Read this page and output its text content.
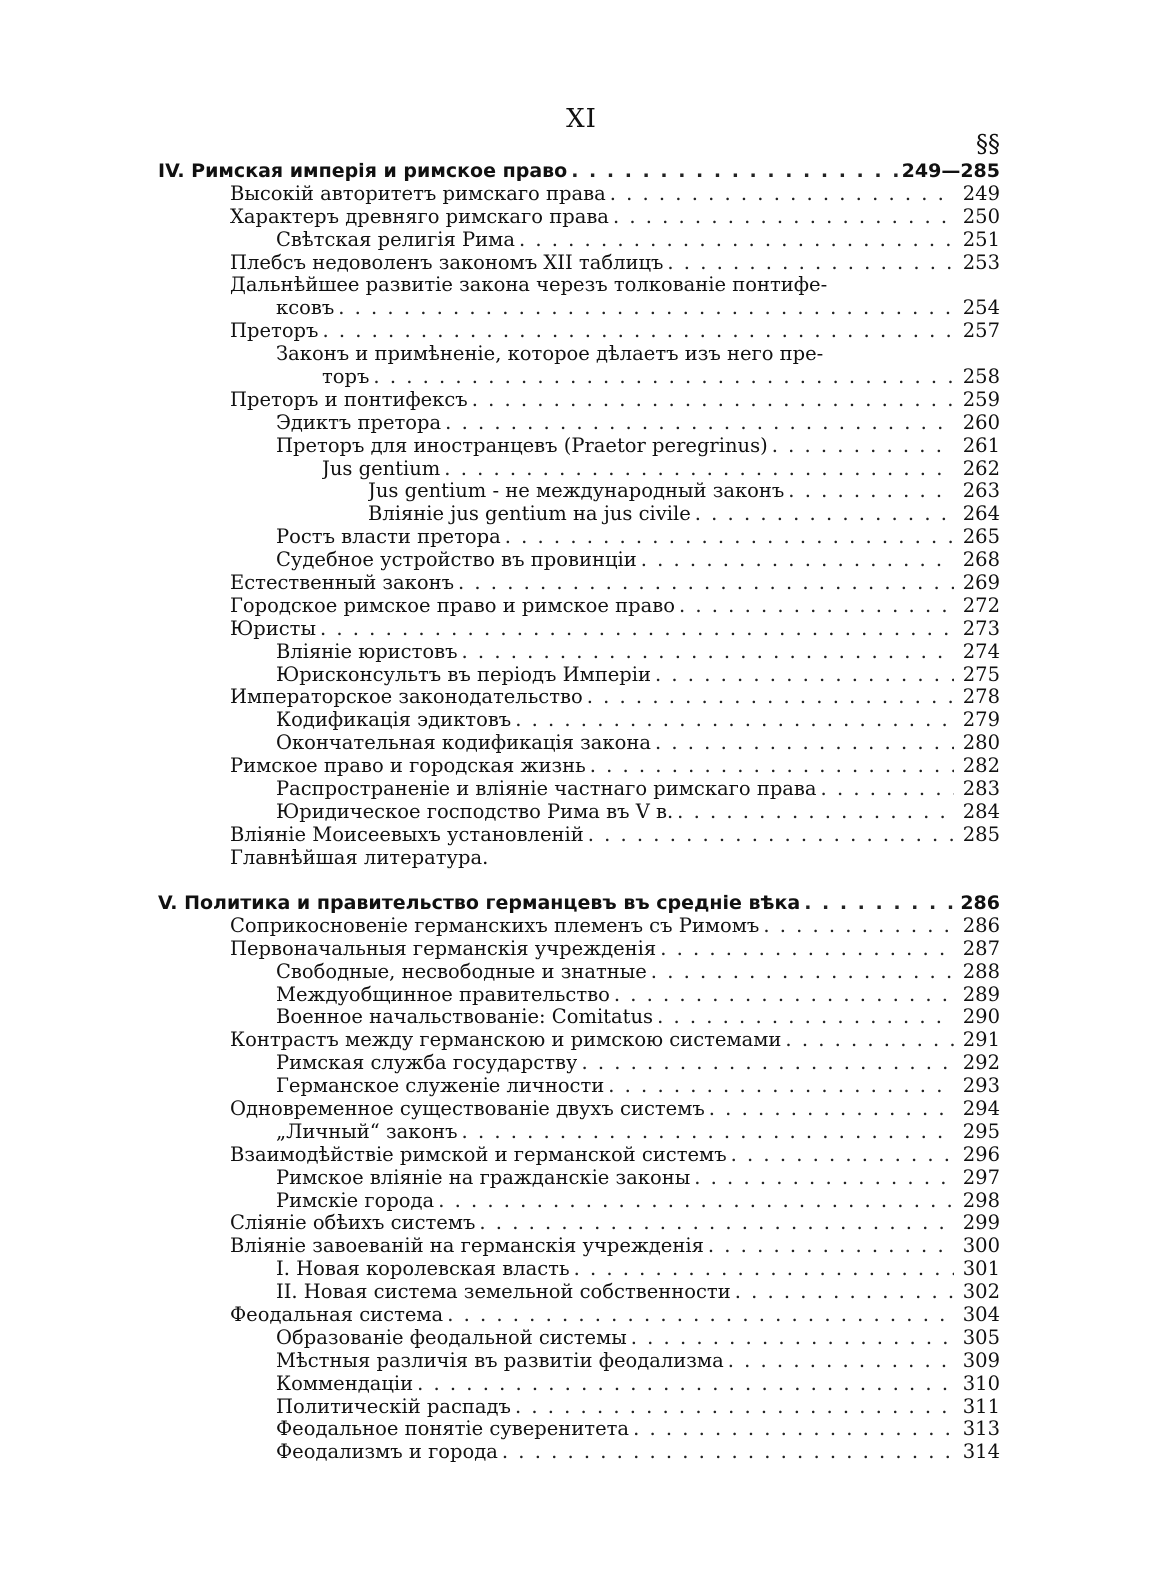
XI
§§
IV. Римская имперія и римское право . . .	249—285
Высокій авторитетъ римскаго права . . .	249
Характеръ древняго римскаго права . . .	250
Свѣтская религія Рима . . .	251
Плебсъ недоволенъ закономъ XII таблицъ . . .	253
Дальнѣйшее развитіе закона черезъ толкованіе понтифе-
ксовъ . . .	254
Преторъ . . .	257
Законъ и примѣненіе, которое дѣлаетъ изъ него пре-
торъ . . .	258
Преторъ и понтифексъ . . .	259
Эдиктъ претора . . .	260
Преторъ для иностранцевъ (Praetor peregrinus) . . .	261
Jus gentium . . .	262
Jus gentium - не международный законъ . . .	263
Вліяніе jus gentium на jus civile . . .	264
Ростъ власти претора . . .	265
Судебное устройство въ провинціи . . .	268
Естественный законъ . . .	269
Городское римское право и римское право . . .	272
Юристы . . .	273
Вліяніе юристовъ . . .	274
Юрисконсультъ въ періодъ Имперіи . . .	275
Императорское законодательство . . .	278
Кодификація эдиктовъ . . .	279
Окончательная кодификація закона . . .	280
Римское право и городская жизнь . . .	282
Распространеніе и вліяніе частнаго римскаго права . . .	283
Юридическое господство Рима въ V в. . . .	284
Вліяніе Моисеевыхъ установленій . . .	285
Главнѣйшая литература.
V. Политика и правительство германцевъ въ средніе вѣка . . .	286
Соприкосновеніе германскихъ племенъ съ Римомъ . . .	286
Первоначальныя германскія учрежденія . . .	287
Свободные, несвободные и знатные . . .	288
Междуобщинное правительство . . .	289
Военное начальствованіе: Comitatus . . .	290
Контрастъ между германскою и римскою системами . . .	291
Римская служба государству . . .	292
Германское служеніе личности . . .	293
Одновременное существованіе двухъ системъ . . .	294
„Личный“ законъ . . .	295
Взаимодѣйствіе римской и германской системъ . . .	296
Римское вліяніе на гражданскіе законы . . .	297
Римскіе города . . .	298
Сліяніе обѣихъ системъ . . .	299
Вліяніе завоеваній на германскія учрежденія . . .	300
I. Новая королевская власть . . .	301
II. Новая система земельной собственности . . .	302
Феодальная система . . .	304
Образованіе феодальной системы . . .	305
Мѣстныя различія въ развитіи феодализма . . .	309
Коммендаціи . . .	310
Политическій распадъ . . .	311
Феодальное понятіе суверенитета . . .	313
Феодализмъ и города . . .	314
